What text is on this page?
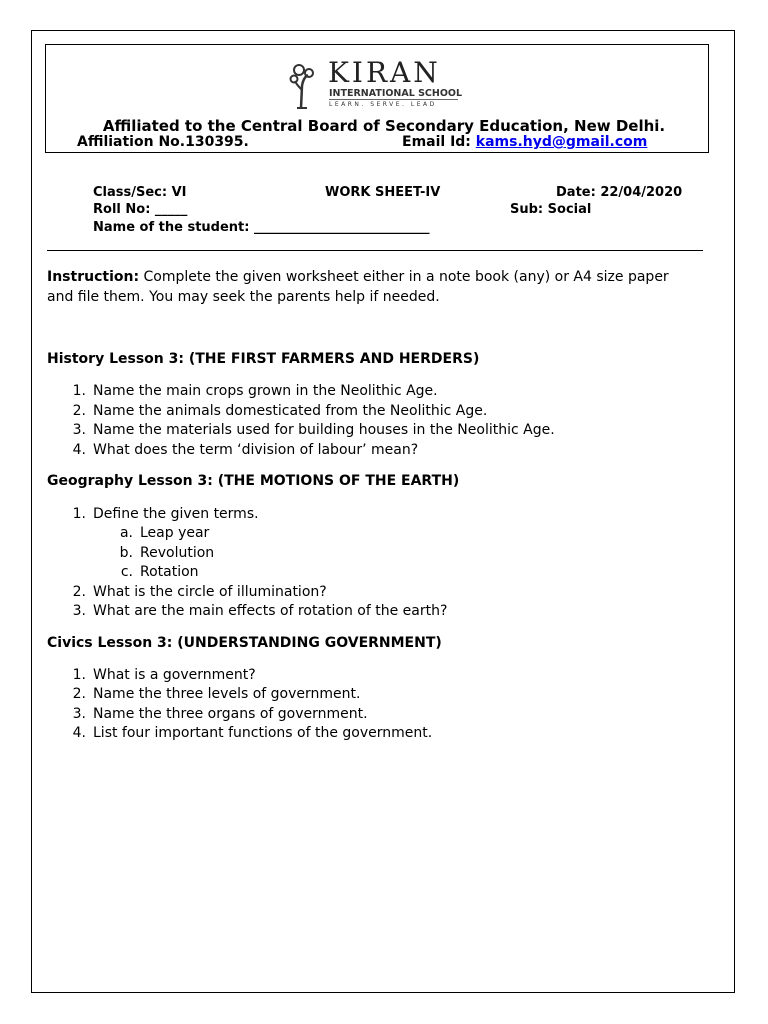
KIRAN
INTERNATIONAL SCHOOL
LEARN. SERVE. LEAD
Affiliated to the Central Board of Secondary Education, New Delhi.
Affiliation No.130395.	Email Id: kams.hyd@gmail.com
Class/Sec: VI	WORK SHEET-IV	Date: 22/04/2020
Roll No: _____	Sub: Social
Name of the student: ___________________________
Instruction: Complete the given worksheet either in a note book (any) or A4 size paper and file them. You may seek the parents help if needed.
History Lesson 3: (THE FIRST FARMERS AND HERDERS)
1. Name the main crops grown in the Neolithic Age.
2. Name the animals domesticated from the Neolithic Age.
3. Name the materials used for building houses in the Neolithic Age.
4. What does the term ‘division of labour’ mean?
Geography Lesson 3: (THE MOTIONS OF THE EARTH)
1. Define the given terms.
a. Leap year
b. Revolution
c. Rotation
2. What is the circle of illumination?
3. What are the main effects of rotation of the earth?
Civics Lesson 3: (UNDERSTANDING GOVERNMENT)
1. What is a government?
2. Name the three levels of government.
3. Name the three organs of government.
4. List four important functions of the government.
